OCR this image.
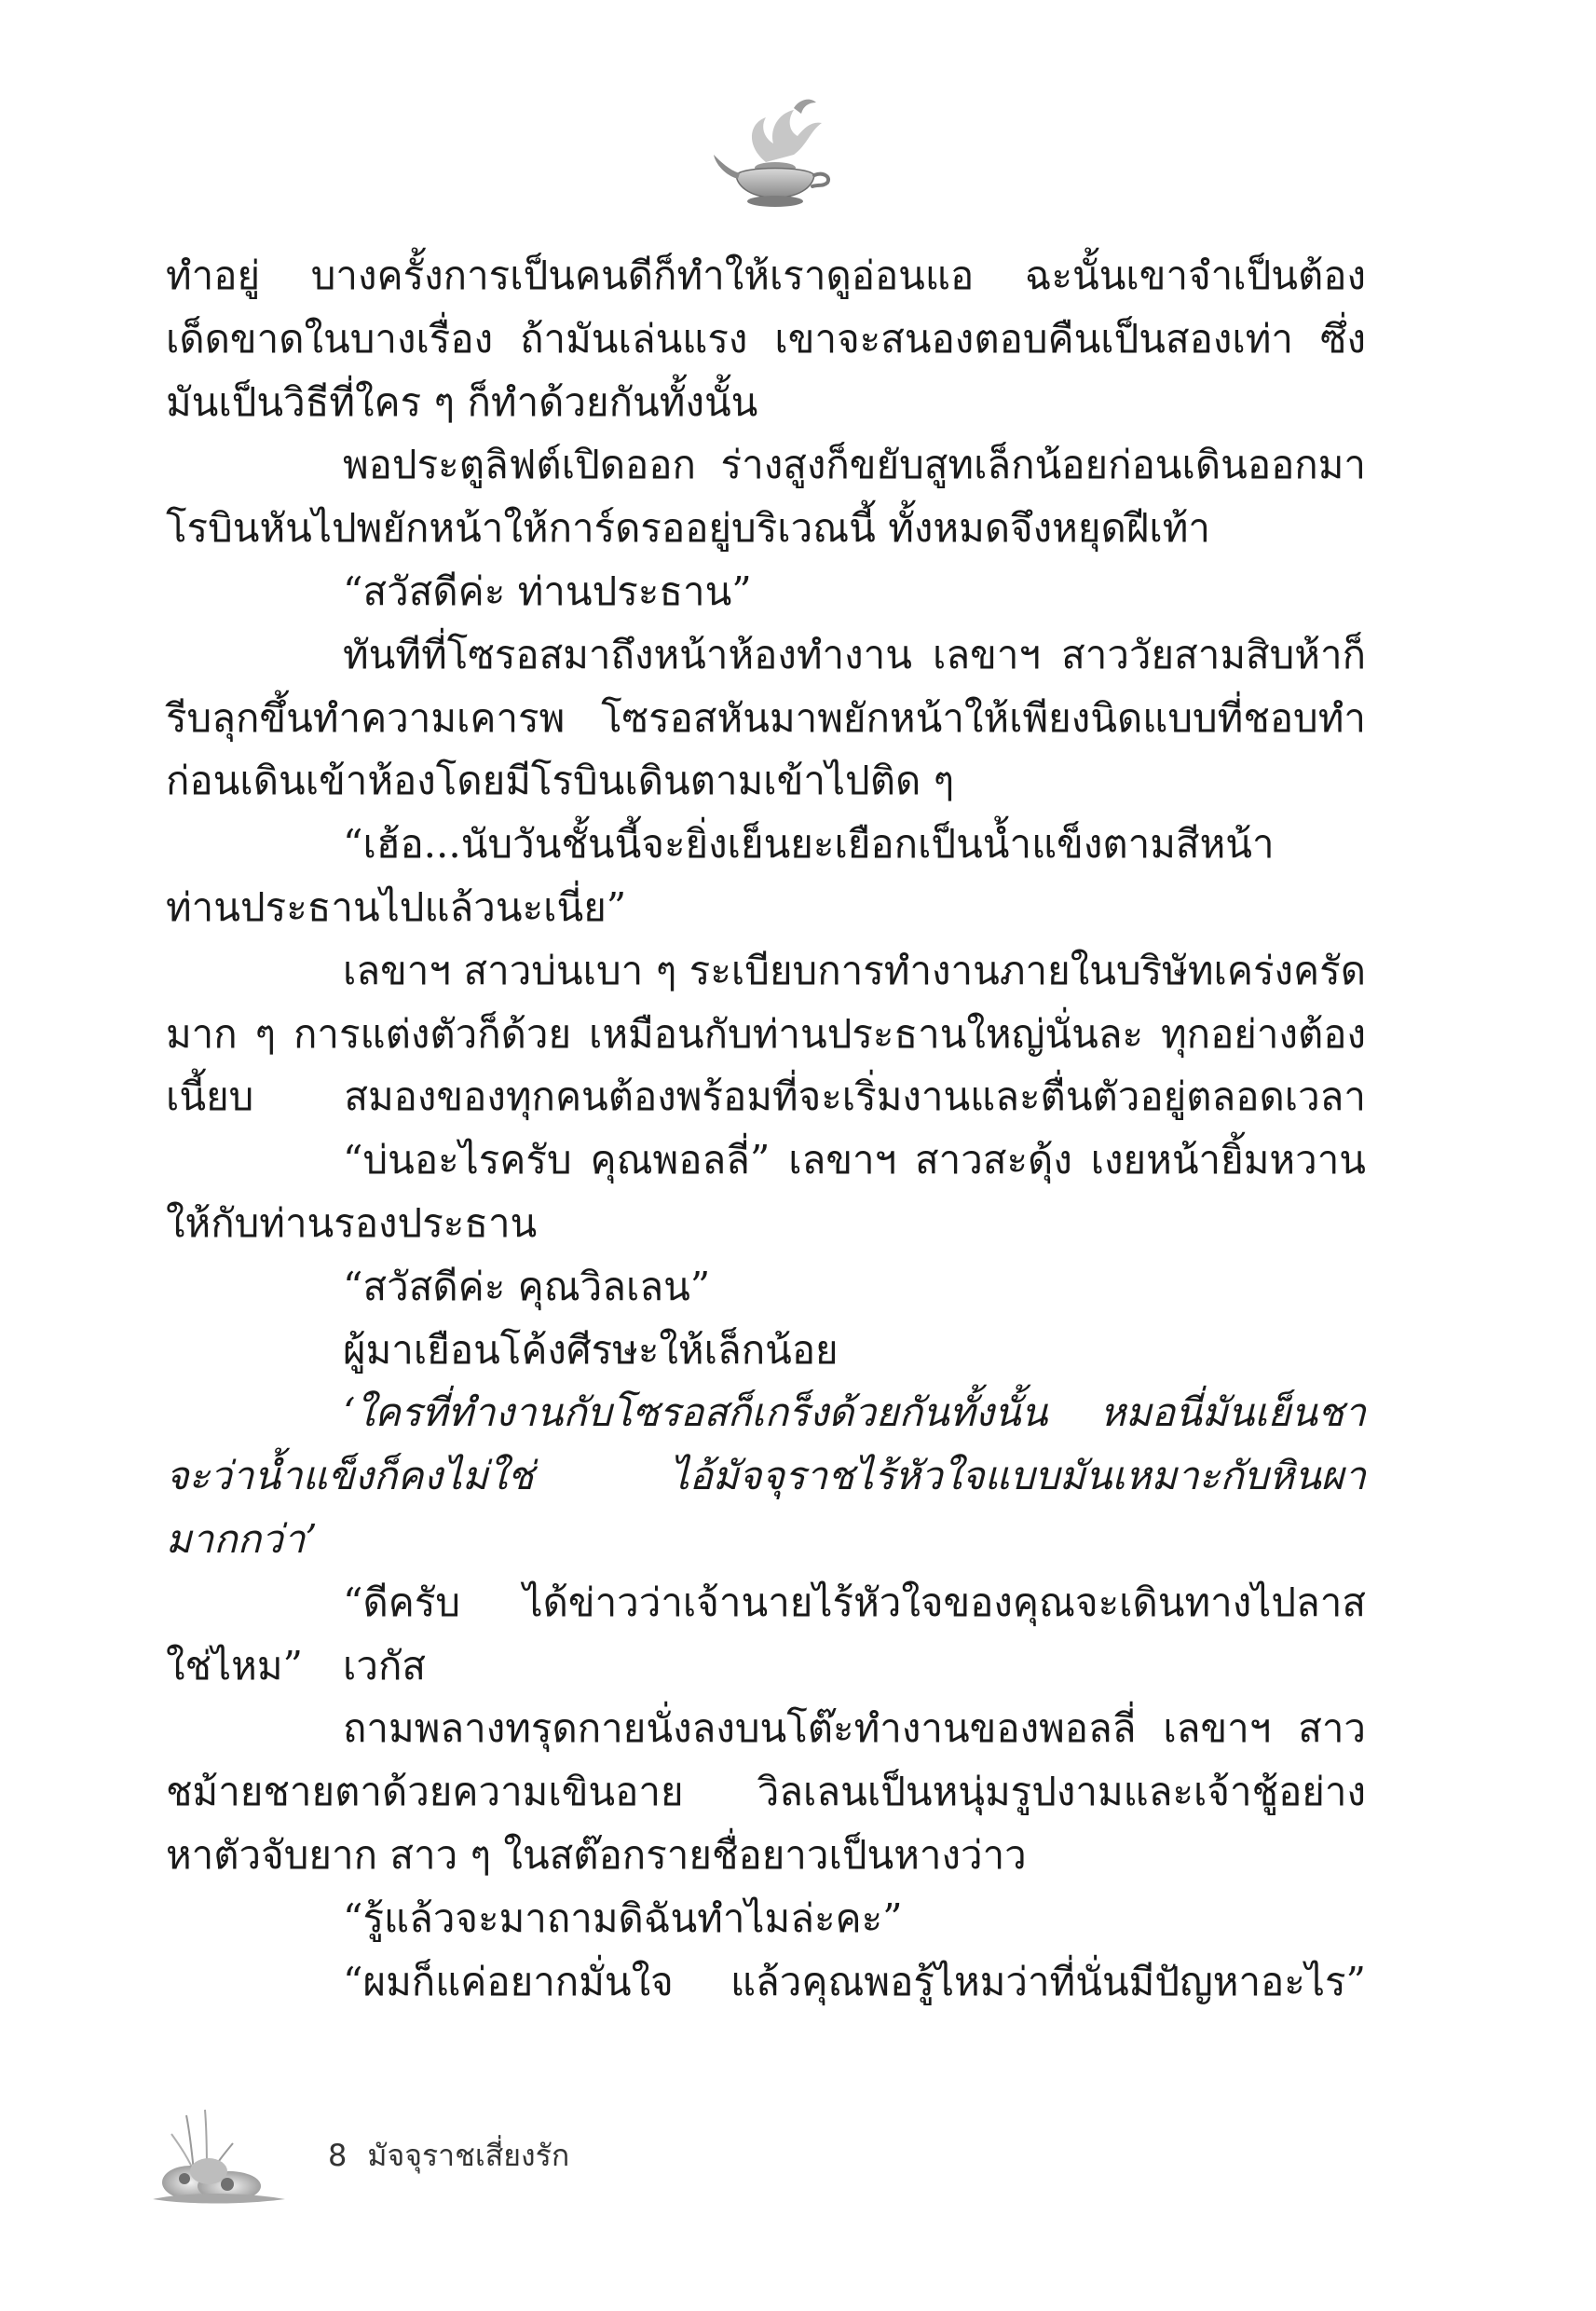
ทำอยู่ บางครั้งการเป็นคนดีก็ทำให้เราดูอ่อนแอ ฉะนั้นเขาจำเป็นต้อง
เด็ดขาดในบางเรื่อง ถ้ามันเล่นแรง เขาจะสนองตอบคืนเป็นสองเท่า ซึ่ง
มันเป็นวิธีที่ใคร ๆ ก็ทำด้วยกันทั้งนั้น
พอประตูลิฟต์เปิดออก ร่างสูงก็ขยับสูทเล็กน้อยก่อนเดินออกมา
โรบินหันไปพยักหน้าให้การ์ดรออยู่บริเวณนี้ ทั้งหมดจึงหยุดฝีเท้า
“สวัสดีค่ะ ท่านประธาน”
ทันทีที่โซรอสมาถึงหน้าห้องทำงาน เลขาฯ สาววัยสามสิบห้าก็
รีบลุกขึ้นทำความเคารพ โซรอสหันมาพยักหน้าให้เพียงนิดแบบที่ชอบทำ
ก่อนเดินเข้าห้องโดยมีโรบินเดินตามเข้าไปติด ๆ
“เฮ้อ...นับวันชั้นนี้จะยิ่งเย็นยะเยือกเป็นน้ำแข็งตามสีหน้า
ท่านประธานไปแล้วนะเนี่ย”
เลขาฯ สาวบ่นเบา ๆ ระเบียบการทำงานภายในบริษัทเคร่งครัด
มาก ๆ การแต่งตัวก็ด้วย เหมือนกับท่านประธานใหญ่นั่นละ ทุกอย่างต้อง
เนี้ยบ สมองของทุกคนต้องพร้อมที่จะเริ่มงานและตื่นตัวอยู่ตลอดเวลา
“บ่นอะไรครับ คุณพอลลี่” เลขาฯ สาวสะดุ้ง เงยหน้ายิ้มหวาน
ให้กับท่านรองประธาน
“สวัสดีค่ะ คุณวิลเลน”
ผู้มาเยือนโค้งศีรษะให้เล็กน้อย
‘ใครที่ทำงานกับโซรอสก็เกร็งด้วยกันทั้งนั้น หมอนี่มันเย็นชา
จะว่าน้ำแข็งก็คงไม่ใช่ ไอ้มัจจุราชไร้หัวใจแบบมันเหมาะกับหินผา
มากกว่า’
“ดีครับ ได้ข่าวว่าเจ้านายไร้หัวใจของคุณจะเดินทางไปลาสเวกัส
ใช่ไหม”
ถามพลางทรุดกายนั่งลงบนโต๊ะทำงานของพอลลี่ เลขาฯ สาว
ชม้ายชายตาด้วยความเขินอาย วิลเลนเป็นหนุ่มรูปงามและเจ้าชู้อย่าง
หาตัวจับยาก สาว ๆ ในสต๊อกรายชื่อยาวเป็นหางว่าว
“รู้แล้วจะมาถามดิฉันทำไมล่ะคะ”
“ผมก็แค่อยากมั่นใจ แล้วคุณพอรู้ไหมว่าที่นั่นมีปัญหาอะไร”
8 มัจจุราชเสี่ยงรัก
